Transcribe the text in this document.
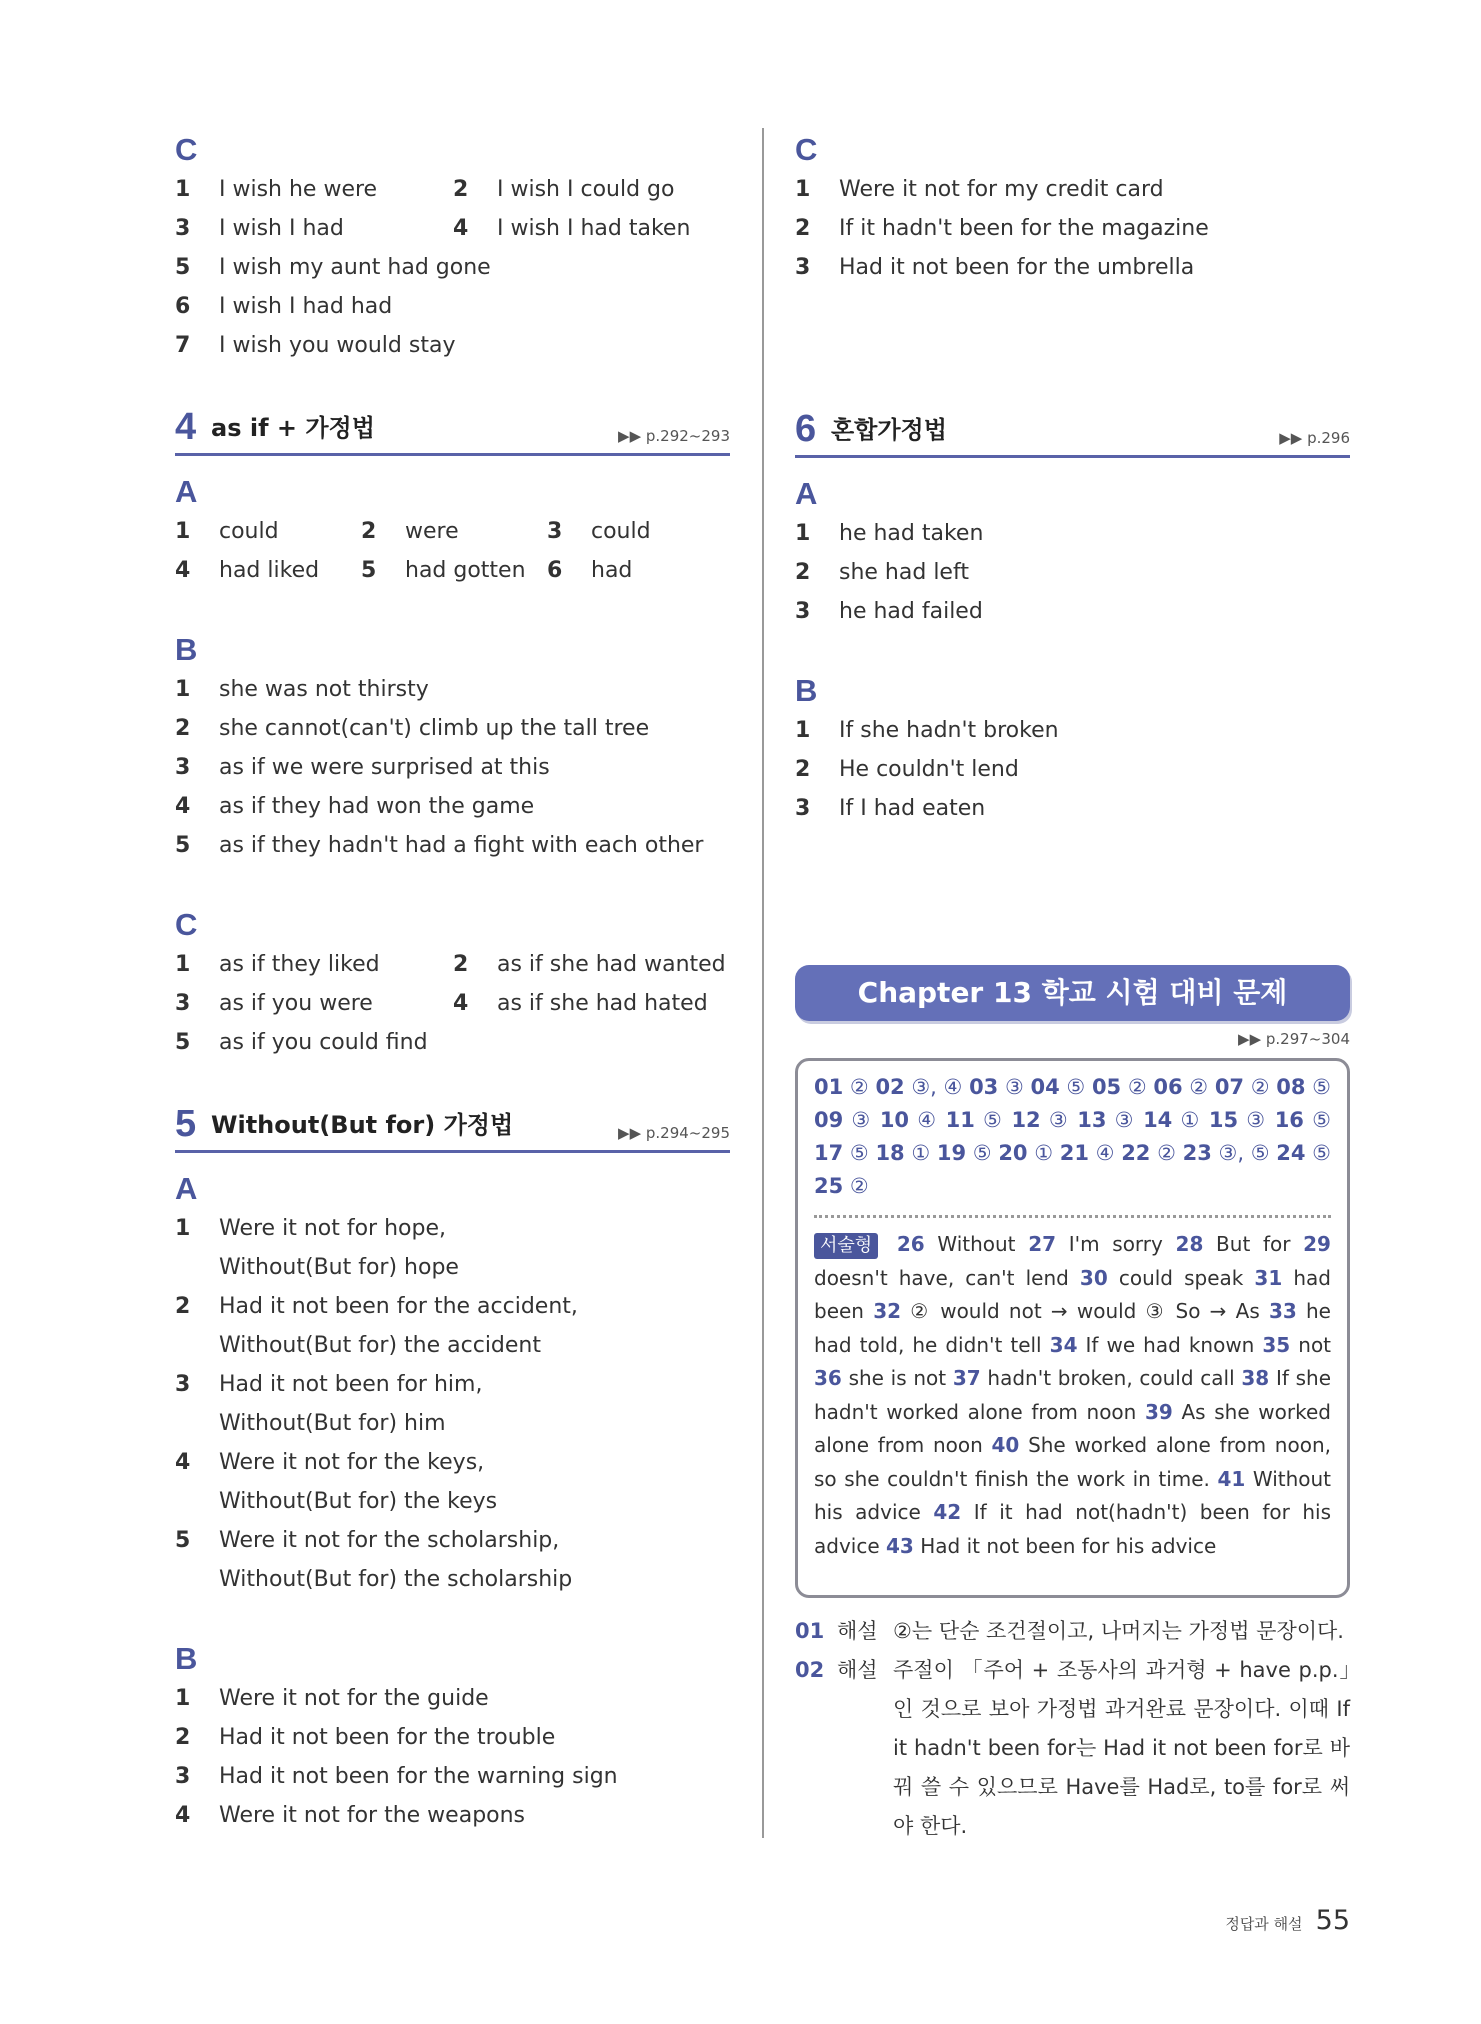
C
1 I wish he were	2 I wish I could go
3 I wish I had	4 I wish I had taken
5 I wish my aunt had gone
6 I wish I had had
7 I wish you would stay
4 as if + 가정법	▶▶ p.292~293
A
1 could	2 were	3 could
4 had liked 5 had gotten 6 had
B
1 she was not thirsty
2 she cannot(can't) climb up the tall tree
3 as if we were surprised at this
4 as if they had won the game
5 as if they hadn't had a fight with each other
C
1 as if they liked	2 as if she had wanted
3 as if you were	4 as if she had hated
5 as if you could find
5 Without(But for) 가정법	▶▶ p.294~295
A
1 Were it not for hope,
Without(But for) hope
2 Had it not been for the accident,
Without(But for) the accident
3 Had it not been for him,
Without(But for) him
4 Were it not for the keys,
Without(But for) the keys
5 Were it not for the scholarship,
Without(But for) the scholarship
B
1 Were it not for the guide
2 Had it not been for the trouble
3 Had it not been for the warning sign
4 Were it not for the weapons
C
1 Were it not for my credit card
2 If it hadn't been for the magazine
3 Had it not been for the umbrella
6 혼합가정법	▶▶ p.296
A
1 he had taken
2 she had left
3 he had failed
B
1 If she hadn't broken
2 He couldn't lend
3 If I had eaten
Chapter 13 학교 시험 대비 문제
▶▶ p.297~304
01 ② 02 ③, ④ 03 ③ 04 ⑤ 05 ② 06 ② 07 ② 08 ⑤ 09 ③ 10 ④ 11 ⑤ 12 ③ 13 ③ 14 ① 15 ③ 16 ⑤ 17 ⑤ 18 ① 19 ⑤ 20 ① 21 ④ 22 ② 23 ③, ⑤ 24 ⑤ 25 ②
서술형 26 Without 27 I'm sorry 28 But for 29 doesn't have, can't lend 30 could speak 31 had been 32 ② would not → would ③ So → As 33 he had told, he didn't tell 34 If we had known 35 not 36 she is not 37 hadn't broken, could call 38 If she hadn't worked alone from noon 39 As she worked alone from noon 40 She worked alone from noon, so she couldn't finish the work in time. 41 Without his advice 42 If it had not(hadn't) been for his advice 43 Had it not been for his advice
01 해설 ②는 단순 조건절이고, 나머지는 가정법 문장이다.
02 해설 주절이 「주어 + 조동사의 과거형 + have p.p.」인 것으로 보아 가정법 과거완료 문장이다. 이때 If it hadn't been for는 Had it not been for로 바꿔 쓸 수 있으므로 Have를 Had로, to를 for로 써야 한다.
정답과 해설 55
